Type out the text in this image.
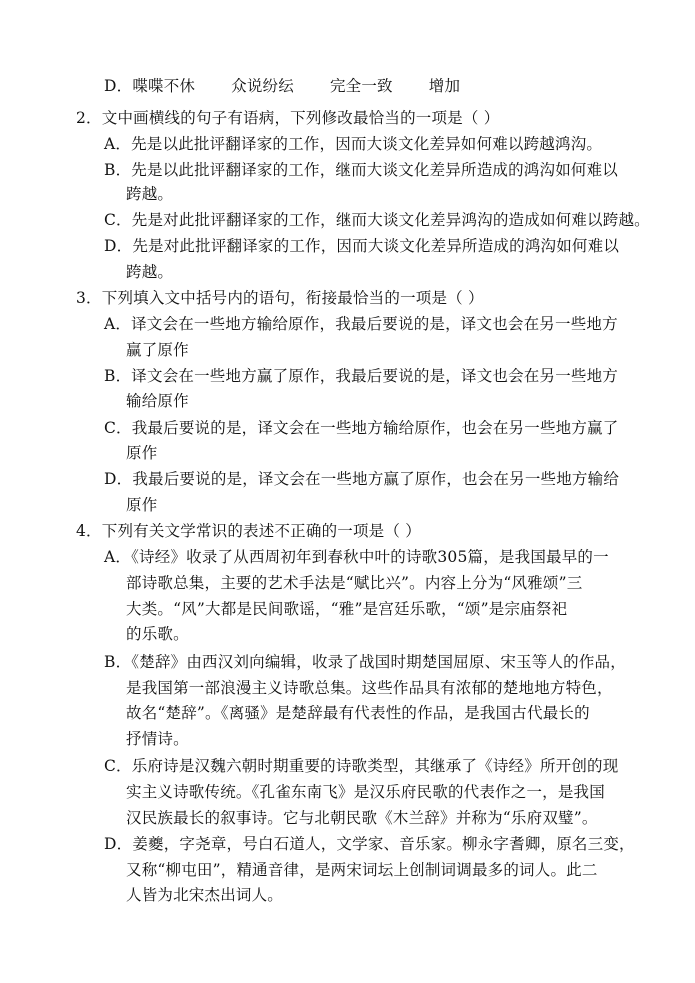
D．喋喋不休 众说纷纭 完全一致 增加
2．文中画横线的句子有语病，下列修改最恰当的一项是（ ）
A．先是以此批评翻译家的工作，因而大谈文化差异如何难以跨越鸿沟。
B．先是以此批评翻译家的工作，继而大谈文化差异所造成的鸿沟如何难以
跨越。
C．先是对此批评翻译家的工作，继而大谈文化差异鸿沟的造成如何难以跨越。
D．先是对此批评翻译家的工作，因而大谈文化差异所造成的鸿沟如何难以
跨越。
3．下列填入文中括号内的语句，衔接最恰当的一项是（ ）
A．译文会在一些地方输给原作，我最后要说的是，译文也会在另一些地方
赢了原作
B．译文会在一些地方赢了原作，我最后要说的是，译文也会在另一些地方
输给原作
C．我最后要说的是，译文会在一些地方输给原作，也会在另一些地方赢了
原作
D．我最后要说的是，译文会在一些地方赢了原作，也会在另一些地方输给
原作
4．下列有关文学常识的表述不正确的一项是（ ）
A．《诗经》收录了从西周初年到春秋中叶的诗歌305篇，是我国最早的一
部诗歌总集，主要的艺术手法是“赋比兴”。内容上分为“风雅颂”三
大类。“风”大都是民间歌谣，“雅”是宫廷乐歌，“颂”是宗庙祭祀
的乐歌。
B．《楚辞》由西汉刘向编辑，收录了战国时期楚国屈原、宋玉等人的作品，
是我国第一部浪漫主义诗歌总集。这些作品具有浓郁的楚地地方特色，
故名“楚辞”。《离骚》是楚辞最有代表性的作品，是我国古代最长的
抒情诗。
C．乐府诗是汉魏六朝时期重要的诗歌类型，其继承了《诗经》所开创的现
实主义诗歌传统。《孔雀东南飞》是汉乐府民歌的代表作之一，是我国
汉民族最长的叙事诗。它与北朝民歌《木兰辞》并称为“乐府双璧”。
D．姜夔，字尧章，号白石道人，文学家、音乐家。柳永字耆卿，原名三变，
又称“柳屯田”，精通音律，是两宋词坛上创制词调最多的词人。此二
人皆为北宋杰出词人。
